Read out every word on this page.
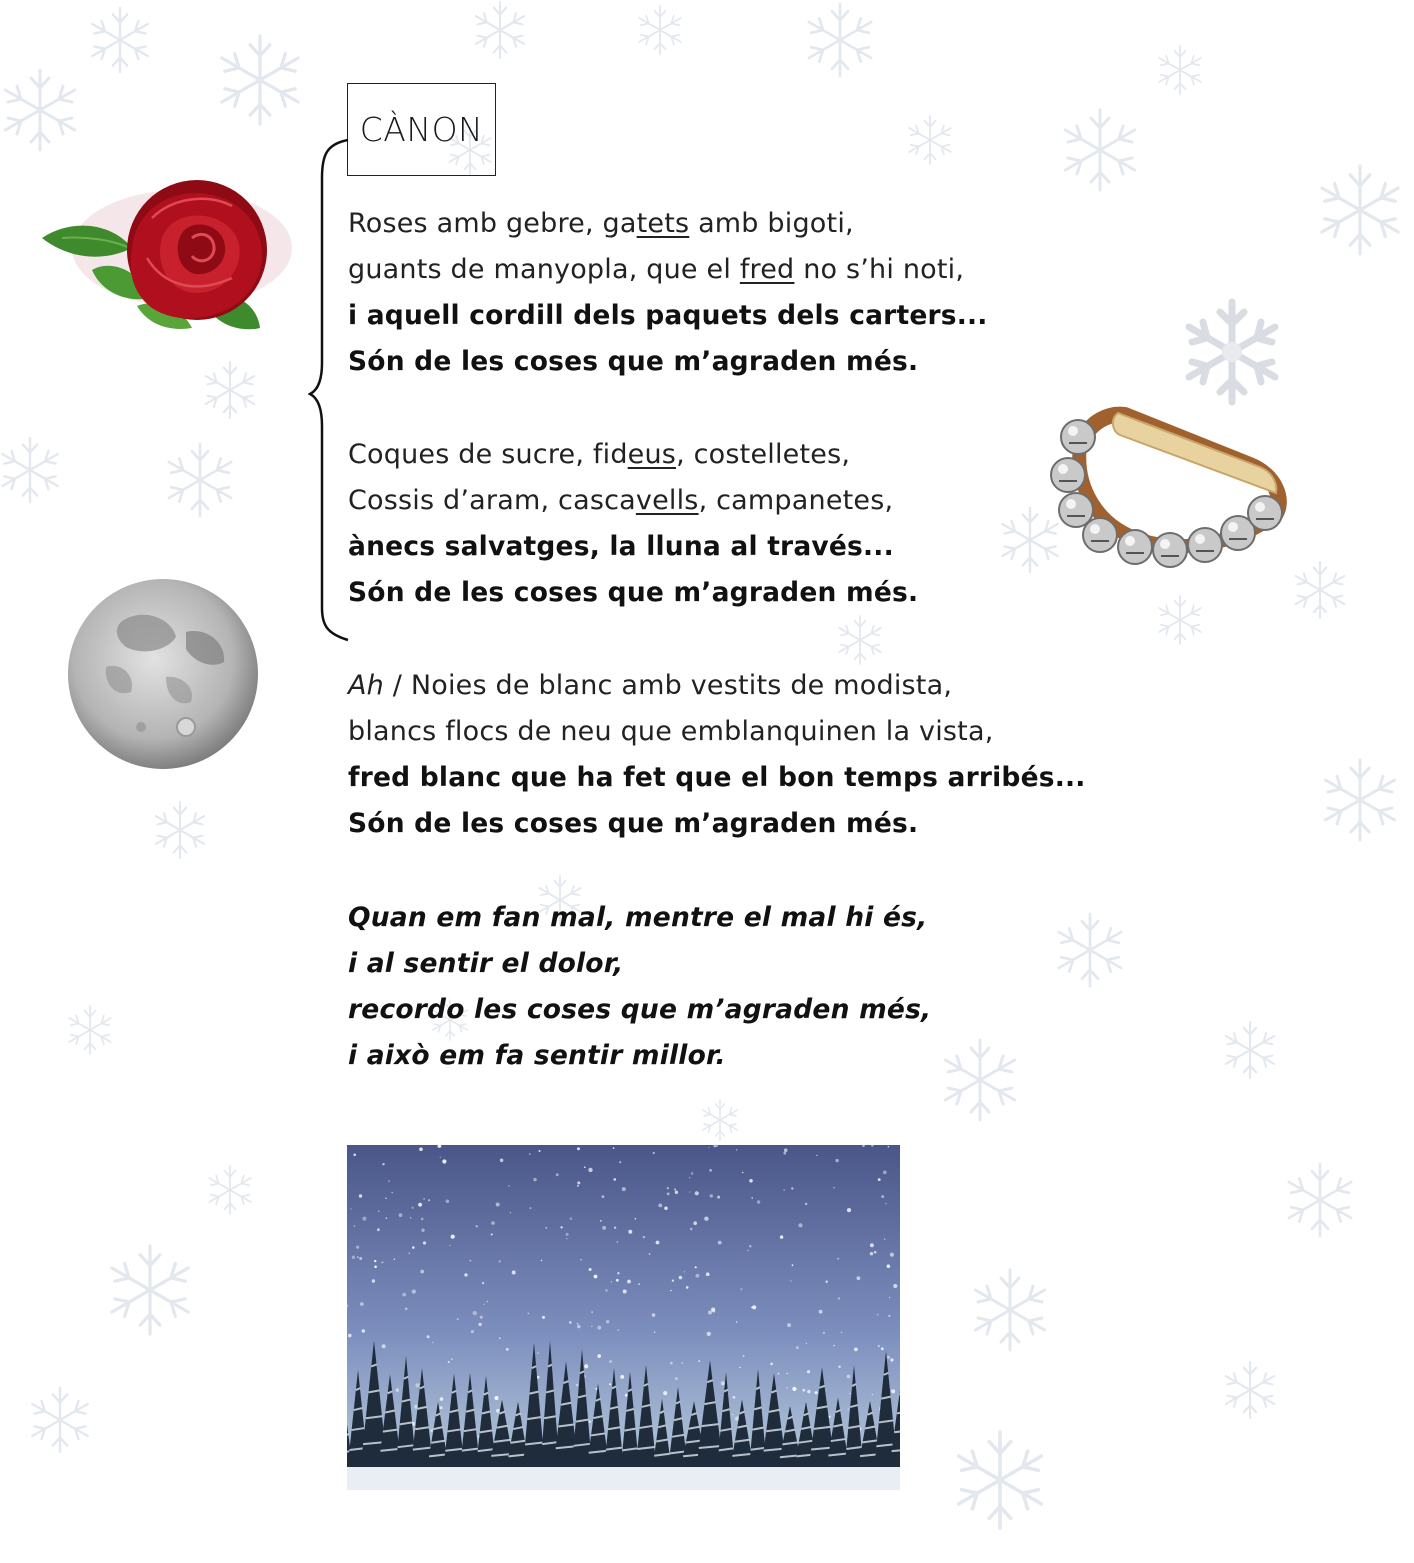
CÀNON
Roses amb gebre, gatets amb bigoti,
guants de manyopla, que el fred no s’hi noti,
i aquell cordill dels paquets dels carters...
Són de les coses que m’agraden més.
Coques de sucre, fideus, costelletes,
Cossis d’aram, cascavells, campanetes,
ànecs salvatges, la lluna al través...
Són de les coses que m’agraden més.
Ah / Noies de blanc amb vestits de modista,
blancs flocs de neu que emblanquinen la vista,
fred blanc que ha fet que el bon temps arribés...
Són de les coses que m’agraden més.
Quan em fan mal, mentre el mal hi és,
i al sentir el dolor,
recordo les coses que m’agraden més,
i això em fa sentir millor.
